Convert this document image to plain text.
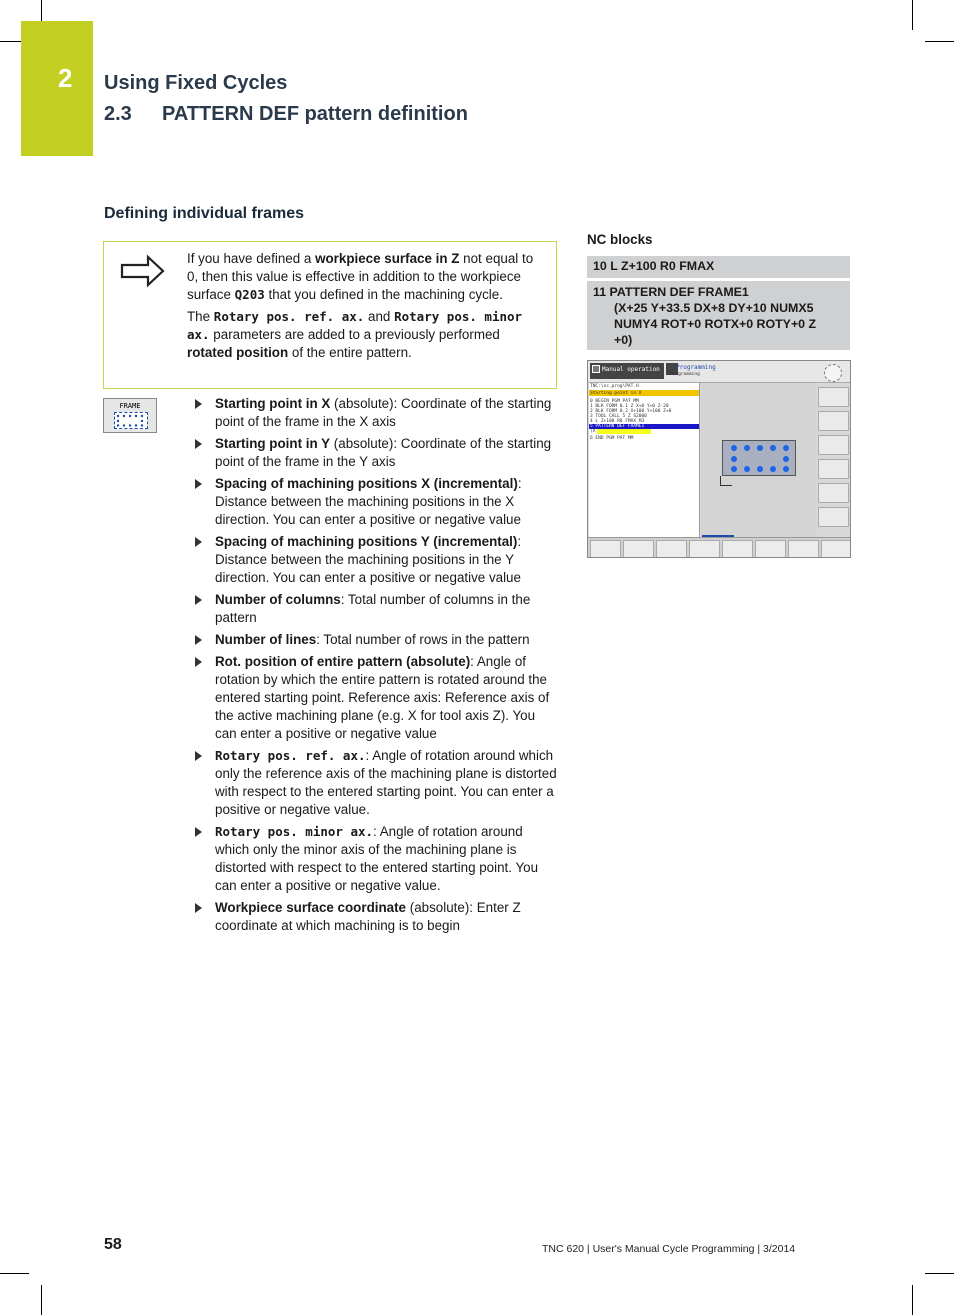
2 Using Fixed Cycles
2.3 PATTERN DEF pattern definition
Defining individual frames

If you have defined a workpiece surface in Z not equal to 0, then this value is effective in addition to the workpiece surface Q203 that you defined in the machining cycle.

The Rotary pos. ref. ax. and Rotary pos. minor ax. parameters are added to a previously performed rotated position of the entire pattern.

FRAME	Starting point in X (absolute): Coordinate of the starting point of the frame in the X axis
Starting point in Y (absolute): Coordinate of the starting point of the frame in the Y axis
Spacing of machining positions X (incremental): Distance between the machining positions in the X direction. You can enter a positive or negative value
Spacing of machining positions Y (incremental): Distance between the machining positions in the Y direction. You can enter a positive or negative value
Number of columns: Total number of columns in the pattern
Number of lines: Total number of rows in the pattern
Rot. position of entire pattern (absolute): Angle of rotation by which the entire pattern is rotated around the entered starting point. Reference axis: Reference axis of the active machining plane (e.g. X for tool axis Z). You can enter a positive or negative value
Rotary pos. ref. ax.: Angle of rotation around which only the reference axis of the machining plane is distorted with respect to the entered starting point. You can enter a positive or negative value.
Rotary pos. minor ax.: Angle of rotation around which only the minor axis of the machining plane is distorted with respect to the entered starting point. You can enter a positive or negative value.
Workpiece surface coordinate (absolute): Enter Z coordinate at which machining is to begin
NC blocks
10 L Z+100 R0 FMAX
11 PATTERN DEF FRAME1
(X+25 Y+33.5 DX+8 DY+10 NUMX5
NUMY4 ROT+0 ROTX+0 ROTY+0 Z
+0)
Manual operation	Programming
Programming
TNC:\nc_prog\PAT.H
Starting point in X
0 BEGIN PGM PAT MM
1 BLK FORM 0.1 Z X+0 Y+0 Z-20
2 BLK FORM 0.2 X+100 Y+100 Z+0
3 TOOL CALL 5 Z S2000
4 L Z+100 R0 FMAX M3
5 PATTERN DEF FRAME1
(X
6 END PGM PAT MM
58	TNC 620 | User's Manual Cycle Programming | 3/2014
